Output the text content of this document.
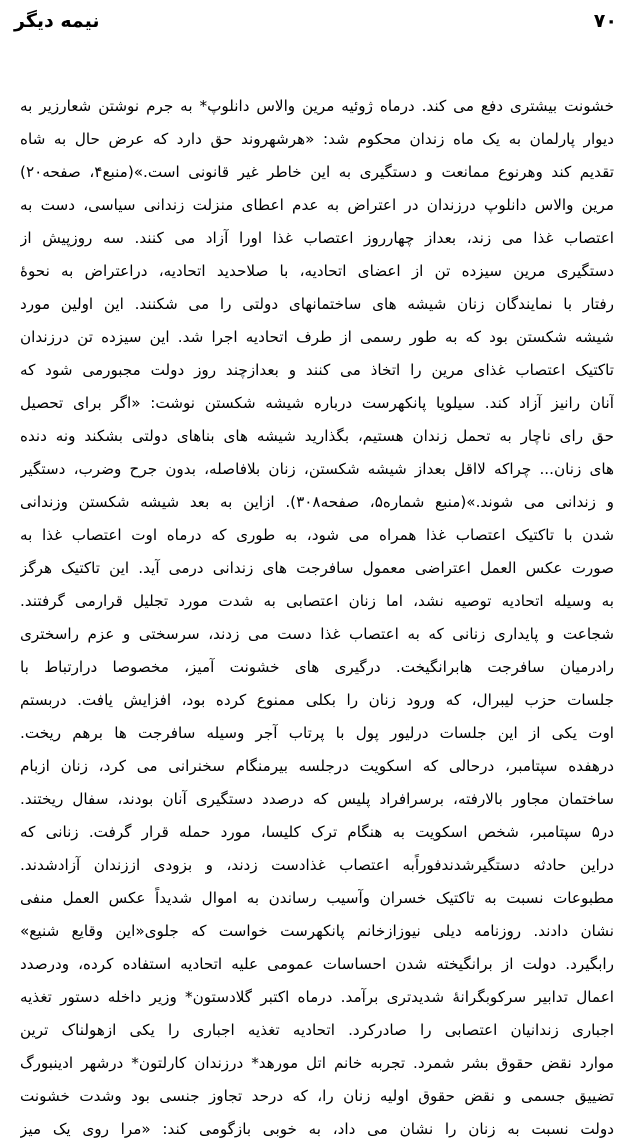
نیمه دیگر	۷۰
خشونت بیشتری دفع می کند. درماه ژوئیه مرین والاس دانلوپ* به جرم نوشتن شعارزیر به
دیوار پارلمان به یک ماه زندان محکوم شد: «هرشهروند حق دارد که عرض حال به شاه
تقدیم کند وهرنوع ممانعت و دستگیری به این خاطر غیر قانونی است.»(منبع۴، صفحه۲۰)
مرین والاس دانلوپ درزندان در اعتراض به عدم اعطای منزلت زندانی سیاسی، دست به
اعتصاب غذا می زند، بعداز چهارروز اعتصاب غذا اورا آزاد می کنند. سه روزپیش از
دستگیری مرین سیزده تن از اعضای اتحادیه، با صلاحدید اتحادیه، دراعتراض به نحوهٔ
رفتار با نمایندگان زنان شیشه های ساختمانهای دولتی را می شکنند. این اولین مورد
شیشه شکستن بود که به طور رسمی از طرف اتحادیه اجرا شد. این سیزده تن درزندان
تاکتیک اعتصاب غذای مرین را اتخاذ می کنند و بعدازچند روز دولت مجبورمی شود که
آنان رانیز آزاد کند. سیلویا پانکهرست درباره شیشه شکستن نوشت: «اگر برای تحصیل
حق رای ناچار به تحمل زندان هستیم، بگذارید شیشه های بناهای دولتی بشکند ونه دنده
های زنان... چراکه لااقل بعداز شیشه شکستن، زنان بلافاصله، بدون جرح وضرب، دستگیر
و زندانی می شوند.»(منبع شماره۵، صفحه۳۰۸). ازاین به بعد شیشه شکستن وزندانی
شدن با تاکتیک اعتصاب غذا همراه می شود، به طوری که درماه اوت اعتصاب غذا به
صورت عکس العمل اعتراضی معمول سافرجت های زندانی درمی آید. این تاکتیک هرگز
به وسیله اتحادیه توصیه نشد، اما زنان اعتصابی به شدت مورد تجلیل قرارمی گرفتند.
شجاعت و پایداری زنانی که به اعتصاب غذا دست می زدند، سرسختی و عزم راسختری
رادرمیان سافرجت هابرانگیخت. درگیری های خشونت آمیز، مخصوصا درارتباط با
جلسات حزب لیبرال، که ورود زنان را بکلی ممنوع کرده بود، افزایش یافت. دربستم
اوت یکی از این جلسات درلیور پول با پرتاب آجر وسیله سافرجت ها برهم ریخت.
درهفده سپتامبر، درحالی که اسکویت درجلسه بیرمنگام سخنرانی می کرد، زنان ازبام
ساختمان مجاور بالارفته، برسرافراد پلیس که درصدد دستگیری آنان بودند، سفال ریختند.
در۵ سپتامبر، شخص اسکویت به هنگام ترک کلیسا، مورد حمله قرار گرفت. زنانی که
دراین حادثه دستگیرشدندفوراًبه اعتصاب غذادست زدند، و بزودی اززندان آزادشدند.
مطبوعات نسبت به تاکتیک خسران وآسیب رساندن به اموال شدیداً عکس العمل منفی
نشان دادند. روزنامه دیلی نیوزازخانم پانکهرست خواست که جلوی«این وقایع شنیع»
رابگیرد. دولت از برانگیخته شدن احساسات عمومی علیه اتحادیه استفاده کرده، ودرصدد
اعمال تدابیر سرکوبگرانهٔ شدیدتری برآمد. درماه اکتبر گلادستون* وزیر داخله دستور تغذیه
اجباری زندانیان اعتصابی را صادرکرد. اتحادیه تغذیه اجباری را یکی ازهولناک ترین
موارد نقض حقوق بشر شمرد. تجربه خانم اتل مورهد* درزندان کارلتون* درشهر ادینبورگ
تضییق جسمی و نقض حقوق اولیه زنان را، که درحد تجاوز جنسی بود وشدت خشونت
دولت نسبت به زنان را نشان می داد، به خوبی بازگومی کند: «مرا روی یک میز
